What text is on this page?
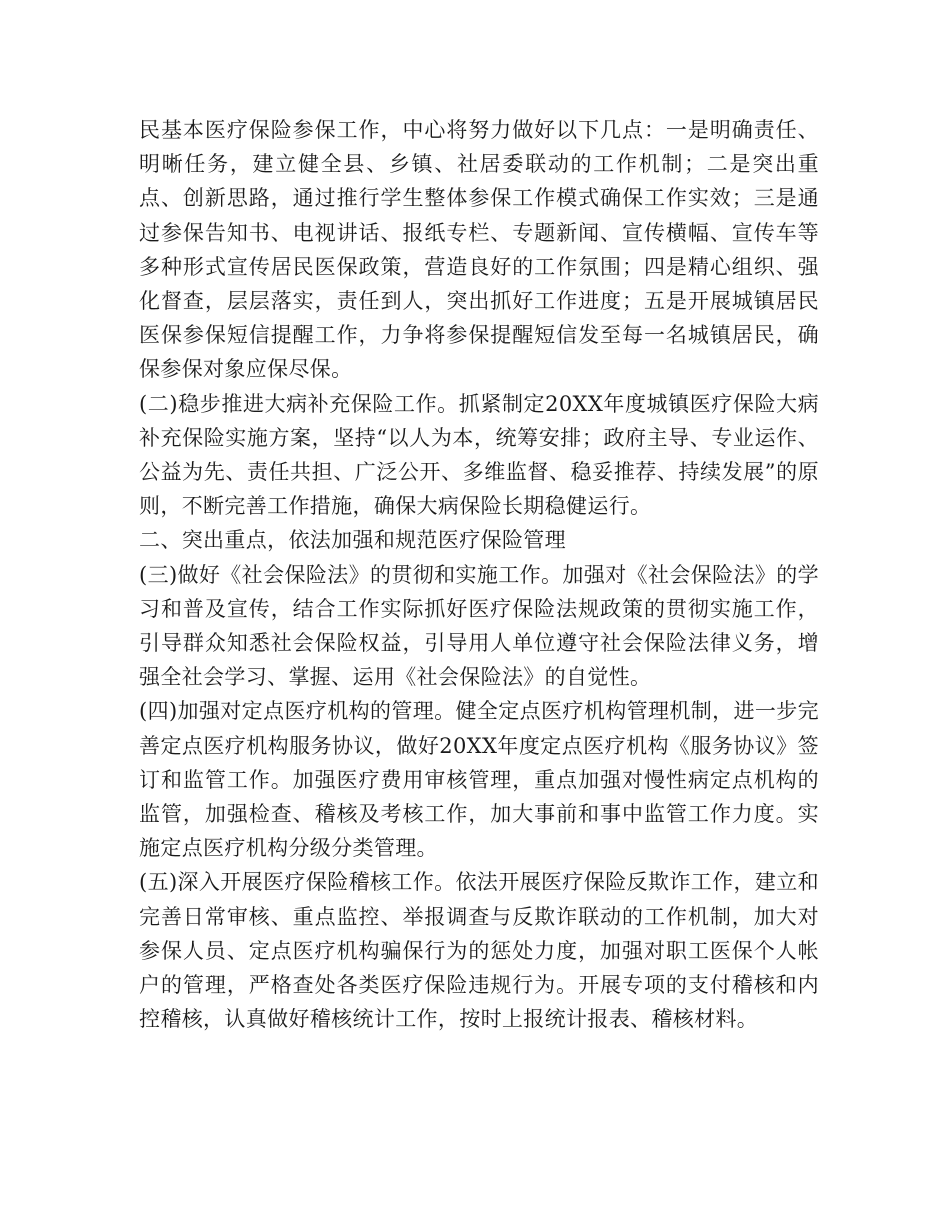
民基本医疗保险参保工作，中心将努力做好以下几点：一是明确责任、明晰任务，建立健全县、乡镇、社居委联动的工作机制；二是突出重点、创新思路，通过推行学生整体参保工作模式确保工作实效；三是通过参保告知书、电视讲话、报纸专栏、专题新闻、宣传横幅、宣传车等多种形式宣传居民医保政策，营造良好的工作氛围；四是精心组织、强化督查，层层落实，责任到人，突出抓好工作进度；五是开展城镇居民医保参保短信提醒工作，力争将参保提醒短信发至每一名城镇居民，确保参保对象应保尽保。

(二)稳步推进大病补充保险工作。抓紧制定20XX年度城镇医疗保险大病补充保险实施方案，坚持“以人为本，统筹安排；政府主导、专业运作、公益为先、责任共担、广泛公开、多维监督、稳妥推荐、持续发展”的原则，不断完善工作措施，确保大病保险长期稳健运行。

二、突出重点，依法加强和规范医疗保险管理

(三)做好《社会保险法》的贯彻和实施工作。加强对《社会保险法》的学习和普及宣传，结合工作实际抓好医疗保险法规政策的贯彻实施工作，引导群众知悉社会保险权益，引导用人单位遵守社会保险法律义务，增强全社会学习、掌握、运用《社会保险法》的自觉性。

(四)加强对定点医疗机构的管理。健全定点医疗机构管理机制，进一步完善定点医疗机构服务协议，做好20XX年度定点医疗机构《服务协议》签订和监管工作。加强医疗费用审核管理，重点加强对慢性病定点机构的监管，加强检查、稽核及考核工作，加大事前和事中监管工作力度。实施定点医疗机构分级分类管理。

(五)深入开展医疗保险稽核工作。依法开展医疗保险反欺诈工作，建立和完善日常审核、重点监控、举报调查与反欺诈联动的工作机制，加大对参保人员、定点医疗机构骗保行为的惩处力度，加强对职工医保个人帐户的管理，严格查处各类医疗保险违规行为。开展专项的支付稽核和内控稽核，认真做好稽核统计工作，按时上报统计报表、稽核材料。
